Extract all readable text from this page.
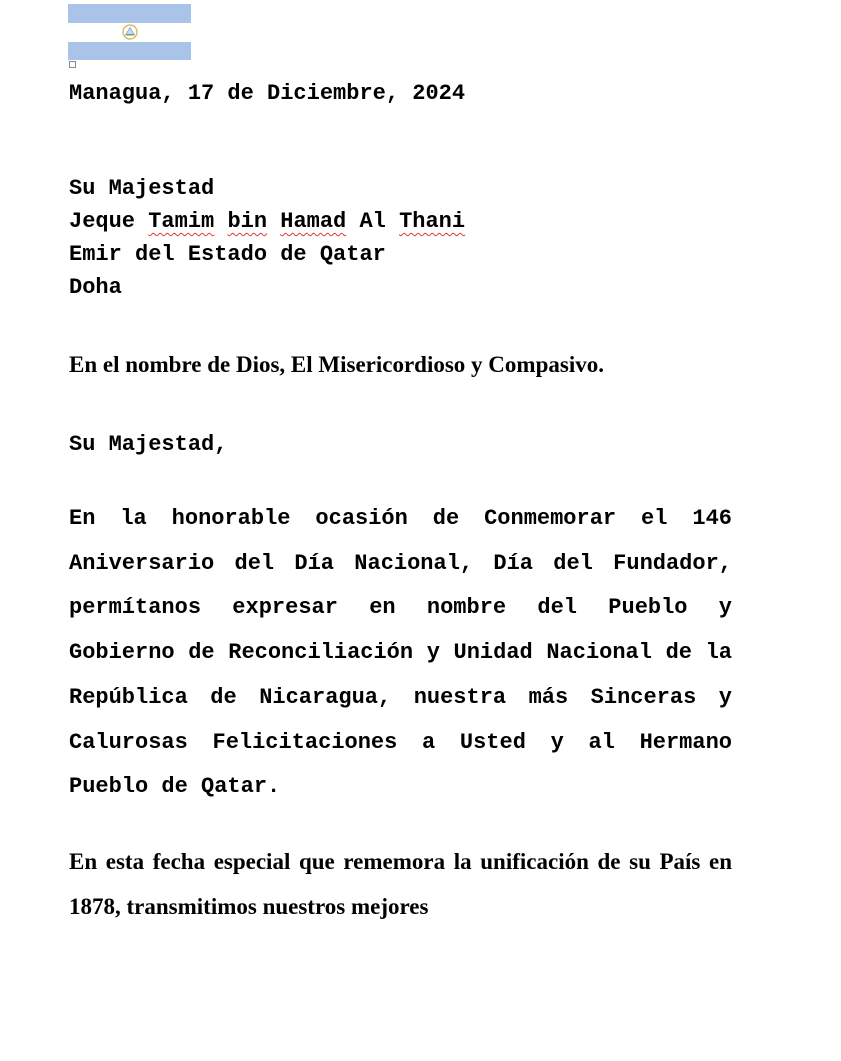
Managua, 17 de Diciembre, 2024

Su Majestad
Jeque Tamim bin Hamad Al Thani
Emir del Estado de Qatar
Doha

En el nombre de Dios, El Misericordioso y Compasivo.

Su Majestad,

En la honorable ocasión de Conmemorar el 146 Aniversario del Día Nacional, Día del Fundador, permítanos expresar en nombre del Pueblo y Gobierno de Reconciliación y Unidad Nacional de la República de Nicaragua, nuestra más Sinceras y Calurosas Felicitaciones a Usted y al Hermano Pueblo de Qatar.

En esta fecha especial que rememora la unificación de su País en 1878, transmitimos nuestros mejores
